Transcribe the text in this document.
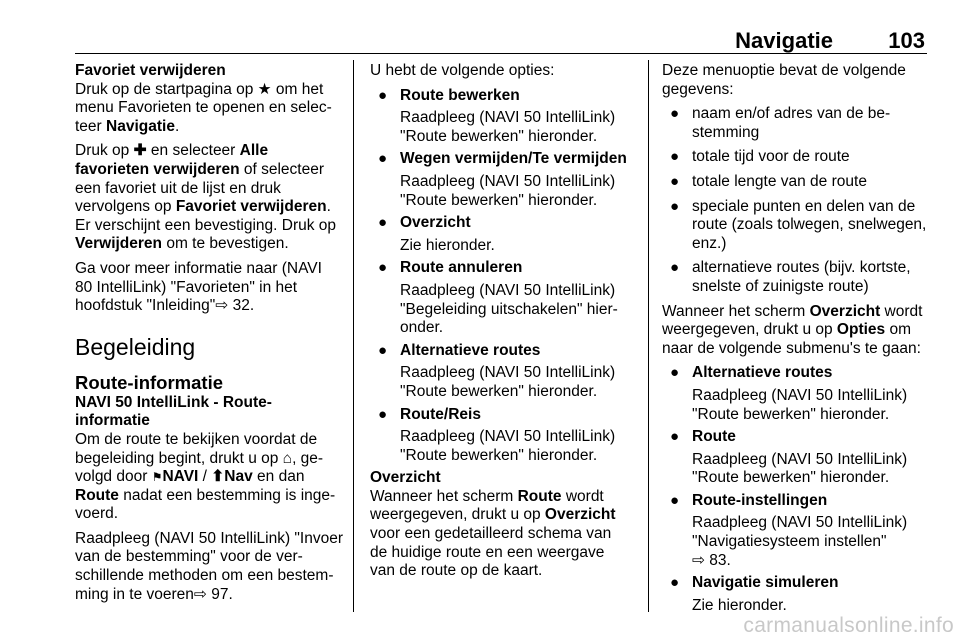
Navigatie	103

Favoriet verwijderen

Druk op de startpagina op ★ om het menu Favorieten te openen en selecteer Navigatie.

Druk op ✚ en selecteer Alle favorieten verwijderen of selecteer een favoriet uit de lijst en druk vervolgens op Favoriet verwijderen. Er verschijnt een bevestiging. Druk op Verwijderen om te bevestigen.

Ga voor meer informatie naar (NAVI 80 IntelliLink) "Favorieten" in het hoofdstuk "Inleiding"⇨ 32.

Begeleiding
Route-informatie

NAVI 50 IntelliLink - Route-informatie

Om de route te bekijken voordat de begeleiding begint, drukt u op ⌂, gevolgd door ⚑NAVI / ⬆Nav en dan Route nadat een bestemming is ingevoerd.

Raadpleeg (NAVI 50 IntelliLink) "Invoer van de bestemming" voor de verschillende methoden om een bestemming in te voeren⇨ 97.

U hebt de volgende opties:

● Route bewerken
Raadpleeg (NAVI 50 IntelliLink) "Route bewerken" hieronder.
● Wegen vermijden/Te vermijden
Raadpleeg (NAVI 50 IntelliLink) "Route bewerken" hieronder.
● Overzicht
Zie hieronder.
● Route annuleren
Raadpleeg (NAVI 50 IntelliLink) "Begeleiding uitschakelen" hieronder.
● Alternatieve routes
Raadpleeg (NAVI 50 IntelliLink) "Route bewerken" hieronder.
● Route/Reis
Raadpleeg (NAVI 50 IntelliLink) "Route bewerken" hieronder.

Overzicht

Wanneer het scherm Route wordt weergegeven, drukt u op Overzicht voor een gedetailleerd schema van de huidige route en een weergave van de route op de kaart.

Deze menuoptie bevat de volgende gegevens:

● naam en/of adres van de bestemming
● totale tijd voor de route
● totale lengte van de route
● speciale punten en delen van de route (zoals tolwegen, snelwegen, enz.)
● alternatieve routes (bijv. kortste, snelste of zuinigste route)

Wanneer het scherm Overzicht wordt weergegeven, drukt u op Opties om naar de volgende submenu's te gaan:

● Alternatieve routes
Raadpleeg (NAVI 50 IntelliLink) "Route bewerken" hieronder.
● Route
Raadpleeg (NAVI 50 IntelliLink) "Route bewerken" hieronder.
● Route-instellingen
Raadpleeg (NAVI 50 IntelliLink) "Navigatiesysteem instellen"
⇨ 83.
● Navigatie simuleren
Zie hieronder.
carmanualsonline.info
